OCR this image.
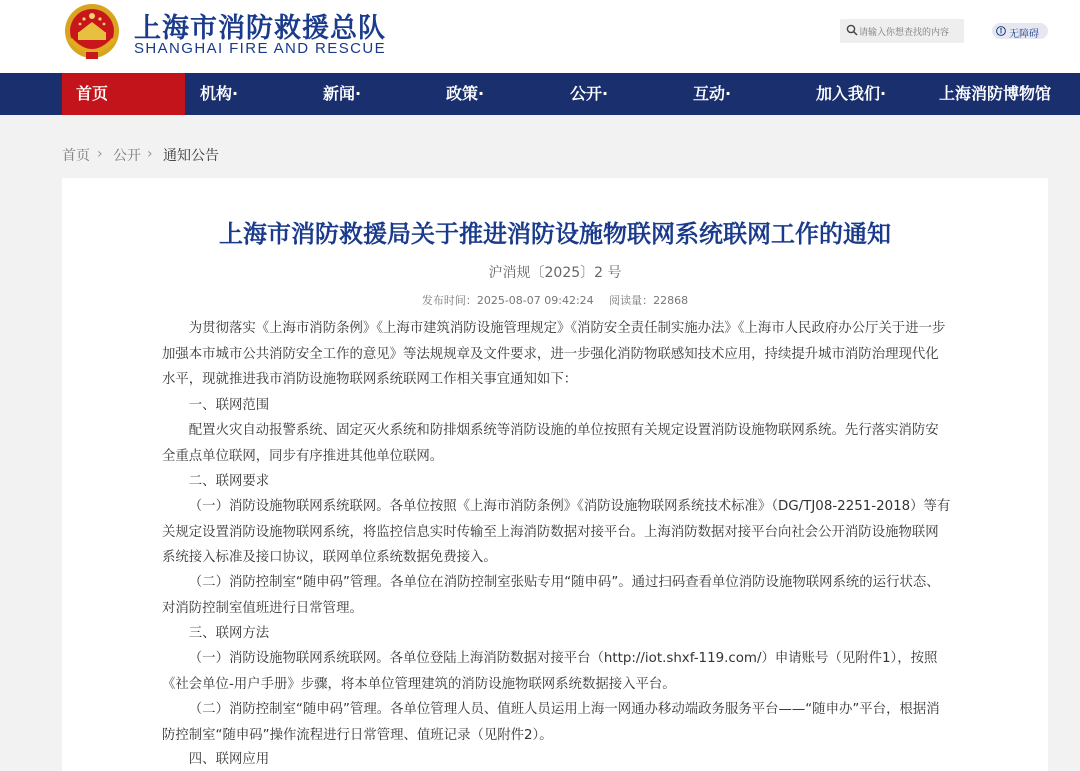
上海市消防救援总队
SHANGHAI FIRE AND RESCUE
请输入你想查找的内容	无障碍
首页	机构·	新闻·	政策·	公开·	互动·	加入我们·	上海消防博物馆
首页 › 公开 › 通知公告
上海市消防救援局关于推进消防设施物联网系统联网工作的通知
沪消规〔2025〕2 号
发布时间：2025-08-07 09:42:24 阅读量：22868
为贯彻落实《上海市消防条例》《上海市建筑消防设施管理规定》《消防安全责任制实施办法》《上海市人民政府办公厅关于进一步加强本市城市公共消防安全工作的意见》等法规规章及文件要求，进一步强化消防物联感知技术应用，持续提升城市消防治理现代化水平，现就推进我市消防设施物联网系统联网工作相关事宜通知如下：
一、联网范围
配置火灾自动报警系统、固定灭火系统和防排烟系统等消防设施的单位按照有关规定设置消防设施物联网系统。先行落实消防安全重点单位联网，同步有序推进其他单位联网。
二、联网要求
（一）消防设施物联网系统联网。各单位按照《上海市消防条例》《消防设施物联网系统技术标准》（DG/TJ08-2251-2018）等有关规定设置消防设施物联网系统，将监控信息实时传输至上海消防数据对接平台。上海消防数据对接平台向社会公开消防设施物联网系统接入标准及接口协议，联网单位系统数据免费接入。
（二）消防控制室“随申码”管理。各单位在消防控制室张贴专用“随申码”。通过扫码查看单位消防设施物联网系统的运行状态、对消防控制室值班进行日常管理。
三、联网方法
（一）消防设施物联网系统联网。各单位登陆上海消防数据对接平台（http://iot.shxf-119.com/）申请账号（见附件1），按照《社会单位-用户手册》步骤，将本单位管理建筑的消防设施物联网系统数据接入平台。
（二）消防控制室“随申码”管理。各单位管理人员、值班人员运用上海一网通办移动端政务服务平台——“随申办”平台，根据消防控制室“随申码”操作流程进行日常管理、值班记录（见附件2）。
四、联网应用
